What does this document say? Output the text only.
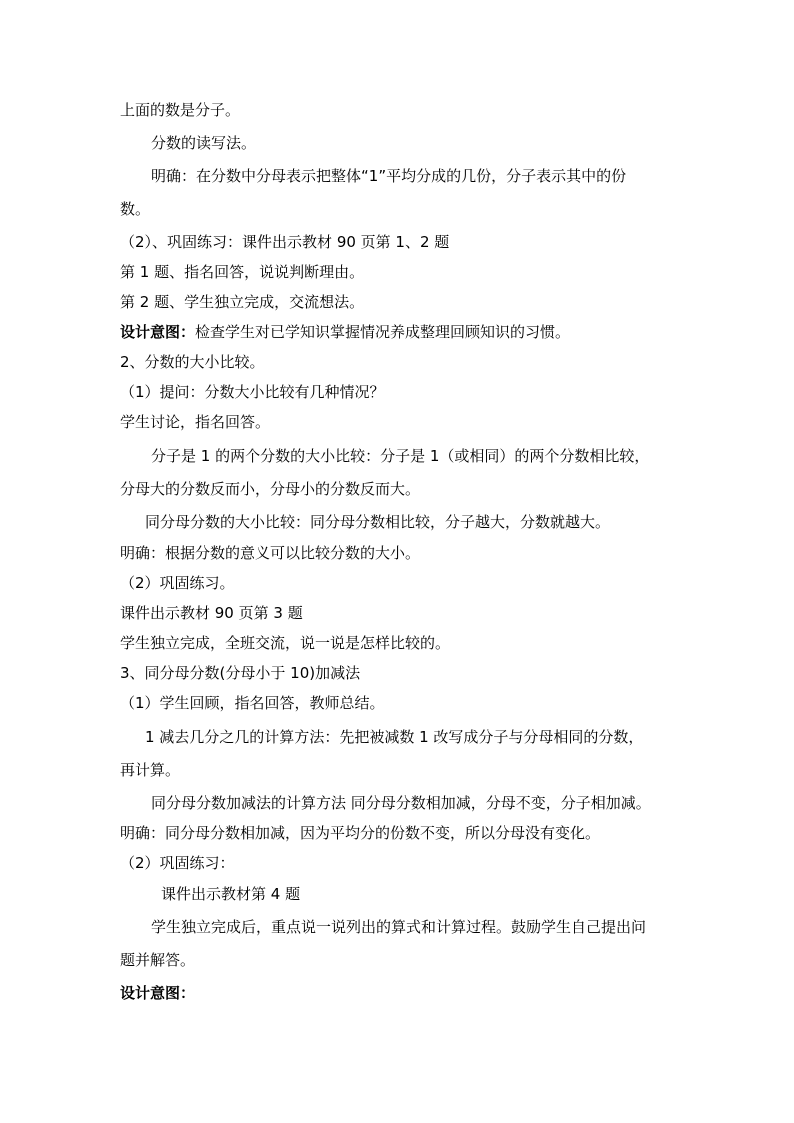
上面的数是分子。
分数的读写法。
明确：在分数中分母表示把整体“1”平均分成的几份，分子表示其中的份
数。
（2）、巩固练习：课件出示教材 90 页第 1、2 题
第 1 题、指名回答，说说判断理由。
第 2 题、学生独立完成，交流想法。
设计意图：检查学生对已学知识掌握情况养成整理回顾知识的习惯。
2、分数的大小比较。
（1）提问：分数大小比较有几种情况？
学生讨论，指名回答。
分子是 1 的两个分数的大小比较：分子是 1（或相同）的两个分数相比较，
分母大的分数反而小，分母小的分数反而大。
同分母分数的大小比较：同分母分数相比较，分子越大，分数就越大。
明确：根据分数的意义可以比较分数的大小。
（2）巩固练习。
课件出示教材 90 页第 3 题
学生独立完成，全班交流，说一说是怎样比较的。
3、同分母分数(分母小于 10)加减法
（1）学生回顾，指名回答，教师总结。
1 减去几分之几的计算方法：先把被减数 1 改写成分子与分母相同的分数，
再计算。
同分母分数加减法的计算方法 同分母分数相加减，分母不变，分子相加减。
明确：同分母分数相加减，因为平均分的份数不变，所以分母没有变化。
（2）巩固练习：
课件出示教材第 4 题
学生独立完成后，重点说一说列出的算式和计算过程。鼓励学生自己提出问
题并解答。
设计意图：
